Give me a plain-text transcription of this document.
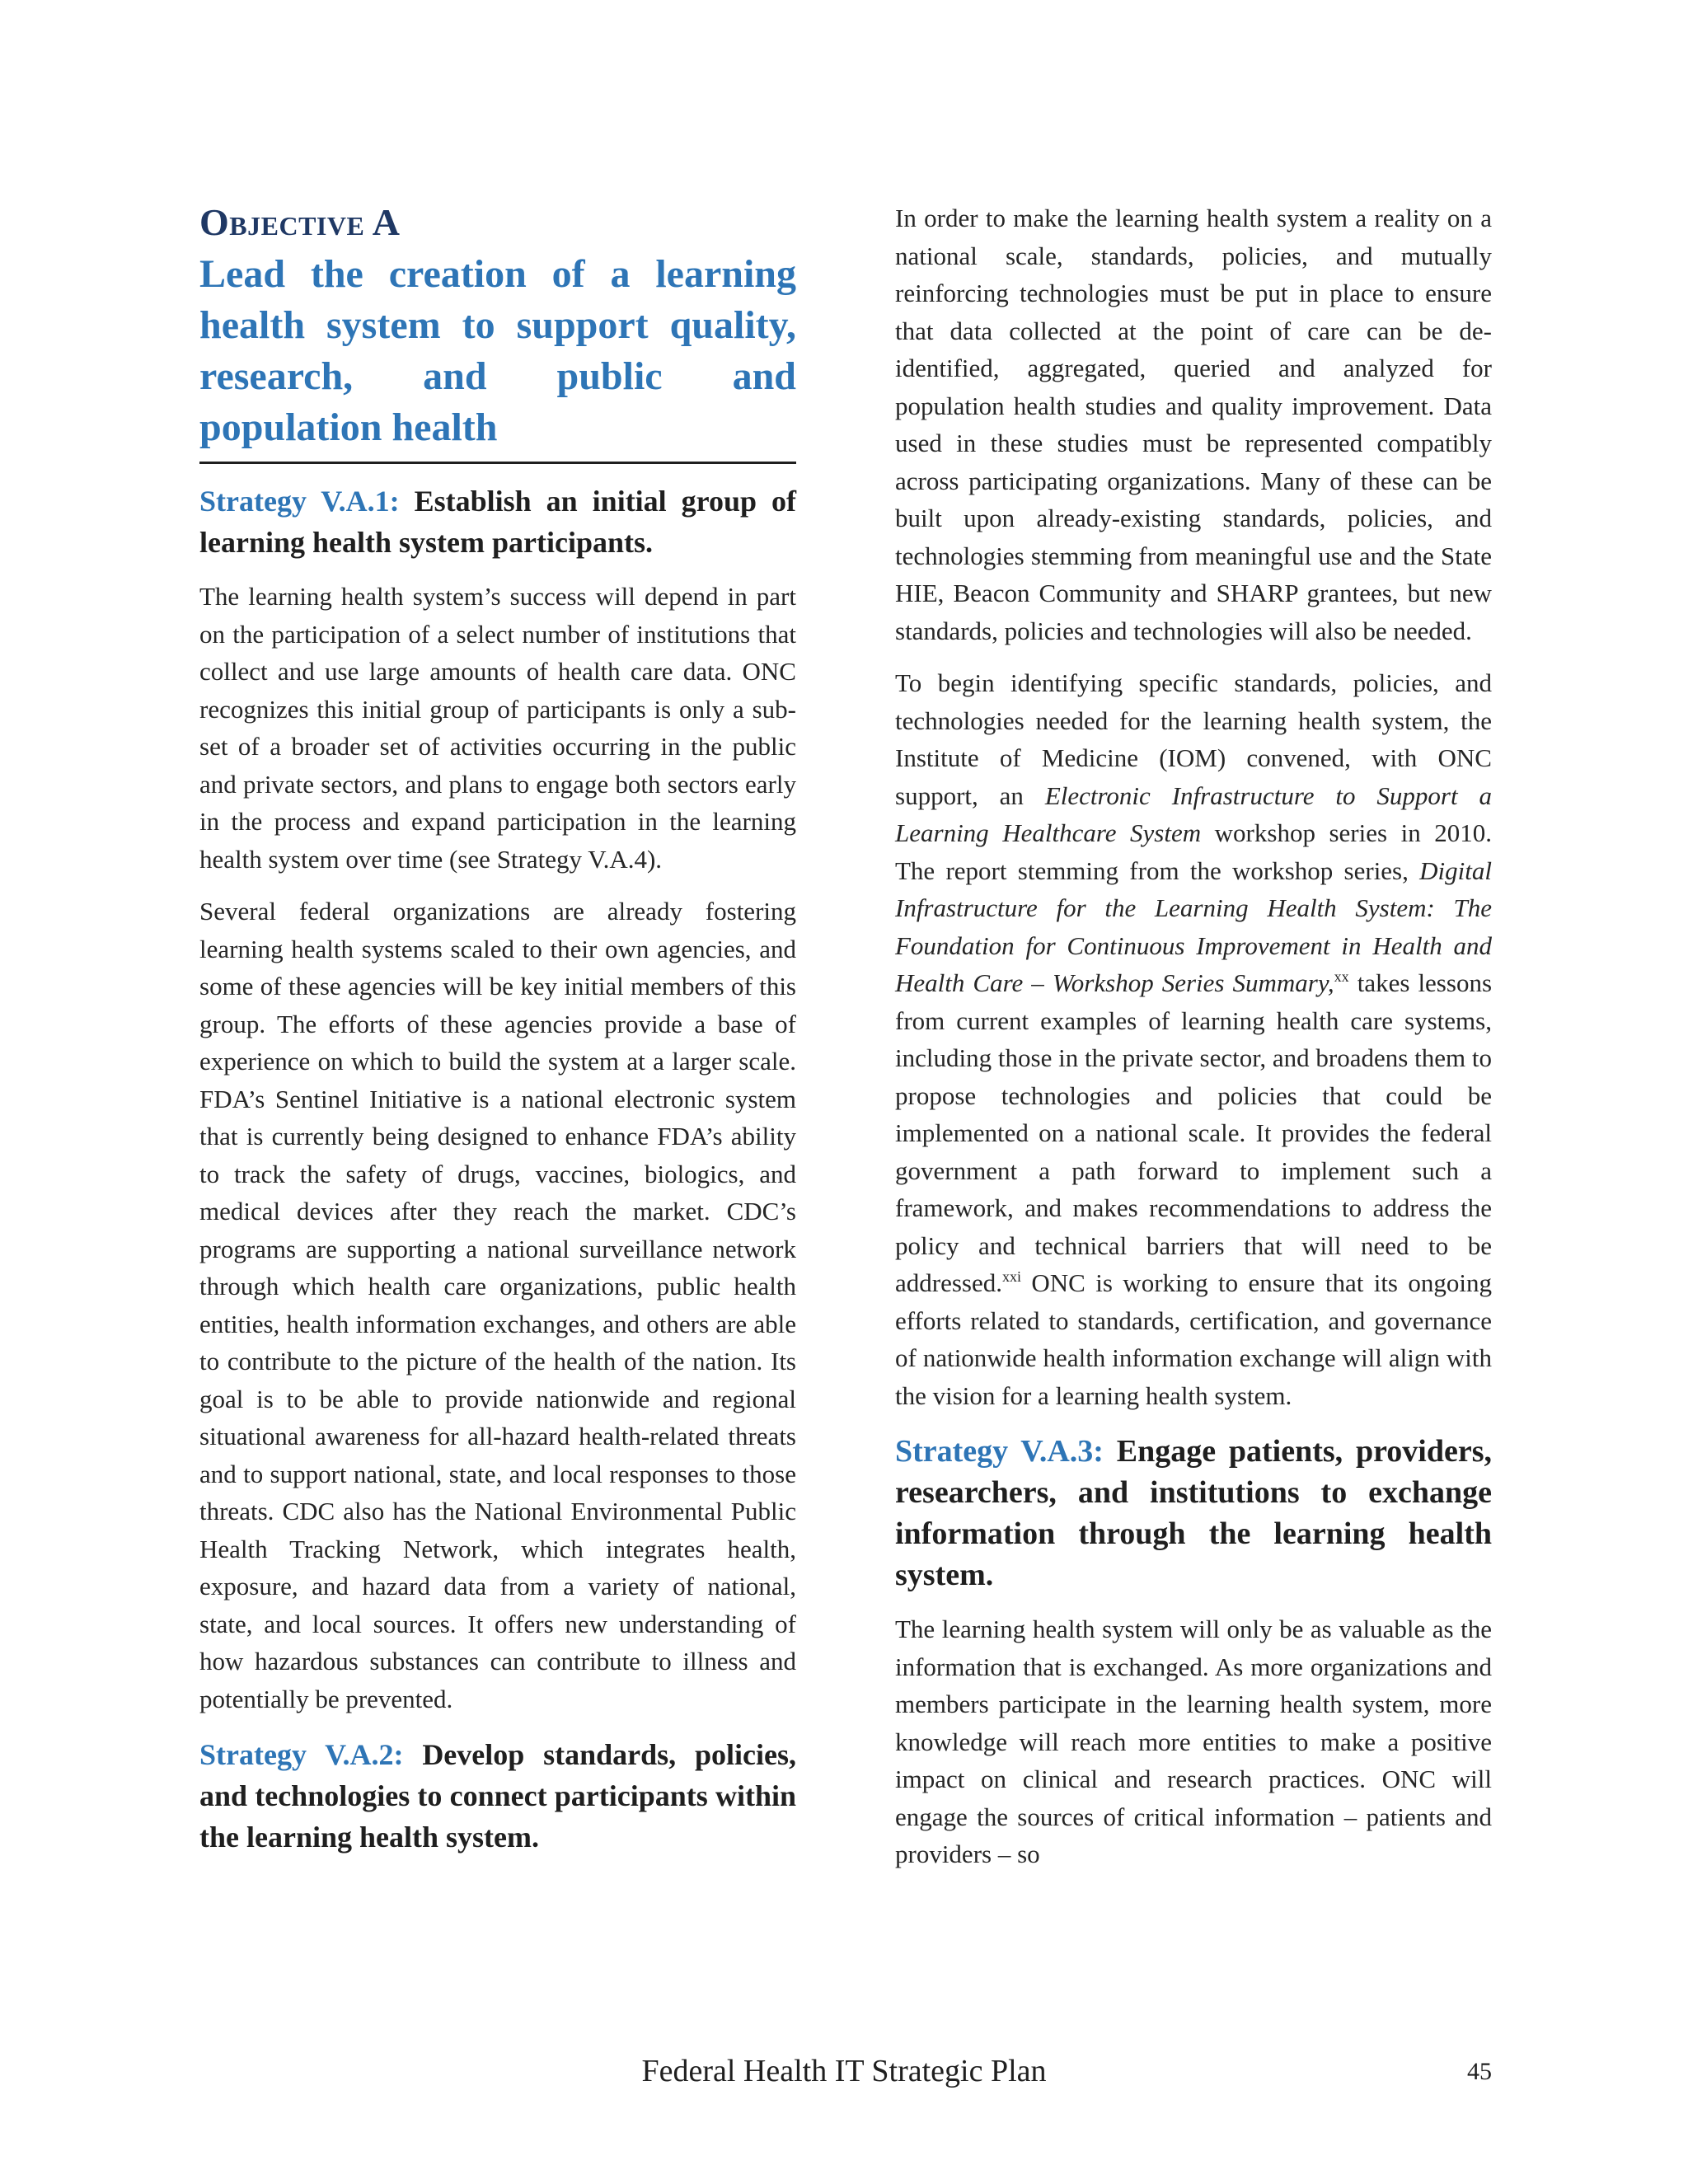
Objective A
Lead the creation of a learning health system to support quality, research, and public and population health
Strategy V.A.1: Establish an initial group of learning health system participants.

The learning health system’s success will depend in part on the participation of a select number of institutions that collect and use large amounts of health care data. ONC recognizes this initial group of participants is only a sub-set of a broader set of activities occurring in the public and private sectors, and plans to engage both sectors early in the process and expand participation in the learning health system over time (see Strategy V.A.4).

Several federal organizations are already fostering learning health systems scaled to their own agencies, and some of these agencies will be key initial members of this group. The efforts of these agencies provide a base of experience on which to build the system at a larger scale. FDA’s Sentinel Initiative is a national electronic system that is currently being designed to enhance FDA’s ability to track the safety of drugs, vaccines, biologics, and medical devices after they reach the market. CDC’s programs are supporting a national surveillance network through which health care organizations, public health entities, health information exchanges, and others are able to contribute to the picture of the health of the nation. Its goal is to be able to provide nationwide and regional situational awareness for all-hazard health-related threats and to support national, state, and local responses to those threats. CDC also has the National Environmental Public Health Tracking Network, which integrates health, exposure, and hazard data from a variety of national, state, and local sources. It offers new understanding of how hazardous substances can contribute to illness and potentially be prevented.

Strategy V.A.2: Develop standards, policies, and technologies to connect participants within the learning health system.

In order to make the learning health system a reality on a national scale, standards, policies, and mutually reinforcing technologies must be put in place to ensure that data collected at the point of care can be de-identified, aggregated, queried and analyzed for population health studies and quality improvement. Data used in these studies must be represented compatibly across participating organizations. Many of these can be built upon already-existing standards, policies, and technologies stemming from meaningful use and the State HIE, Beacon Community and SHARP grantees, but new standards, policies and technologies will also be needed.

To begin identifying specific standards, policies, and technologies needed for the learning health system, the Institute of Medicine (IOM) convened, with ONC support, an Electronic Infrastructure to Support a Learning Healthcare System workshop series in 2010. The report stemming from the workshop series, Digital Infrastructure for the Learning Health System: The Foundation for Continuous Improvement in Health and Health Care – Workshop Series Summary,$^{xx}$ takes lessons from current examples of learning health care systems, including those in the private sector, and broadens them to propose technologies and policies that could be implemented on a national scale. It provides the federal government a path forward to implement such a framework, and makes recommendations to address the policy and technical barriers that will need to be addressed.$^{xxi}$ ONC is working to ensure that its ongoing efforts related to standards, certification, and governance of nationwide health information exchange will align with the vision for a learning health system.

Strategy V.A.3: Engage patients, providers, researchers, and institutions to exchange information through the learning health system.

The learning health system will only be as valuable as the information that is exchanged. As more organizations and members participate in the learning health system, more knowledge will reach more entities to make a positive impact on clinical and research practices. ONC will engage the sources of critical information – patients and providers – so

Federal Health IT Strategic Plan	45
